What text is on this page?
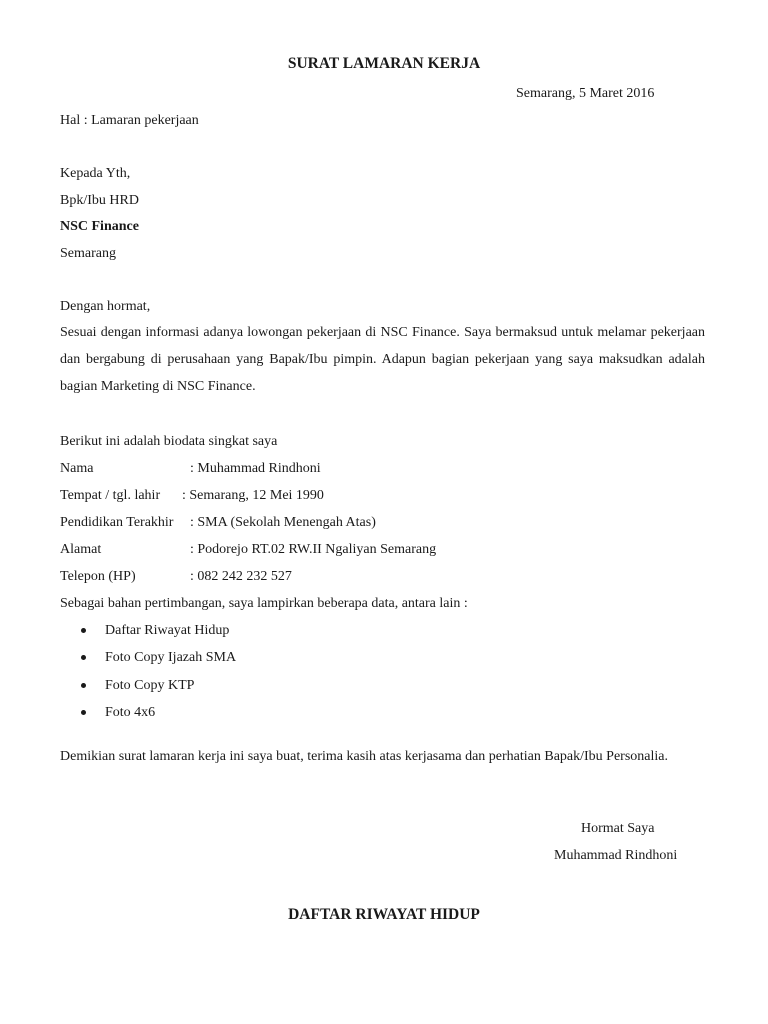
SURAT LAMARAN KERJA
Semarang, 5 Maret 2016
Hal : Lamaran pekerjaan
Kepada Yth,
Bpk/Ibu HRD
NSC Finance
Semarang
Dengan hormat,
Sesuai dengan informasi adanya lowongan pekerjaan di NSC Finance. Saya bermaksud untuk melamar pekerjaan dan bergabung di perusahaan yang Bapak/Ibu pimpin. Adapun bagian pekerjaan yang saya maksudkan adalah bagian Marketing di NSC Finance.
Berikut ini adalah biodata singkat saya
Nama	: Muhammad Rindhoni
Tempat / tgl. lahir : Semarang, 12 Mei 1990
Pendidikan Terakhir : SMA (Sekolah Menengah Atas)
Alamat	: Podorejo RT.02 RW.II Ngaliyan Semarang
Telepon (HP)	: 082 242 232 527
Sebagai bahan pertimbangan, saya lampirkan beberapa data, antara lain :
Daftar Riwayat Hidup
Foto Copy Ijazah SMA
Foto Copy KTP
Foto 4x6
Demikian surat lamaran kerja ini saya buat, terima kasih atas kerjasama dan perhatian Bapak/Ibu Personalia.
Hormat Saya
Muhammad Rindhoni
DAFTAR RIWAYAT HIDUP
